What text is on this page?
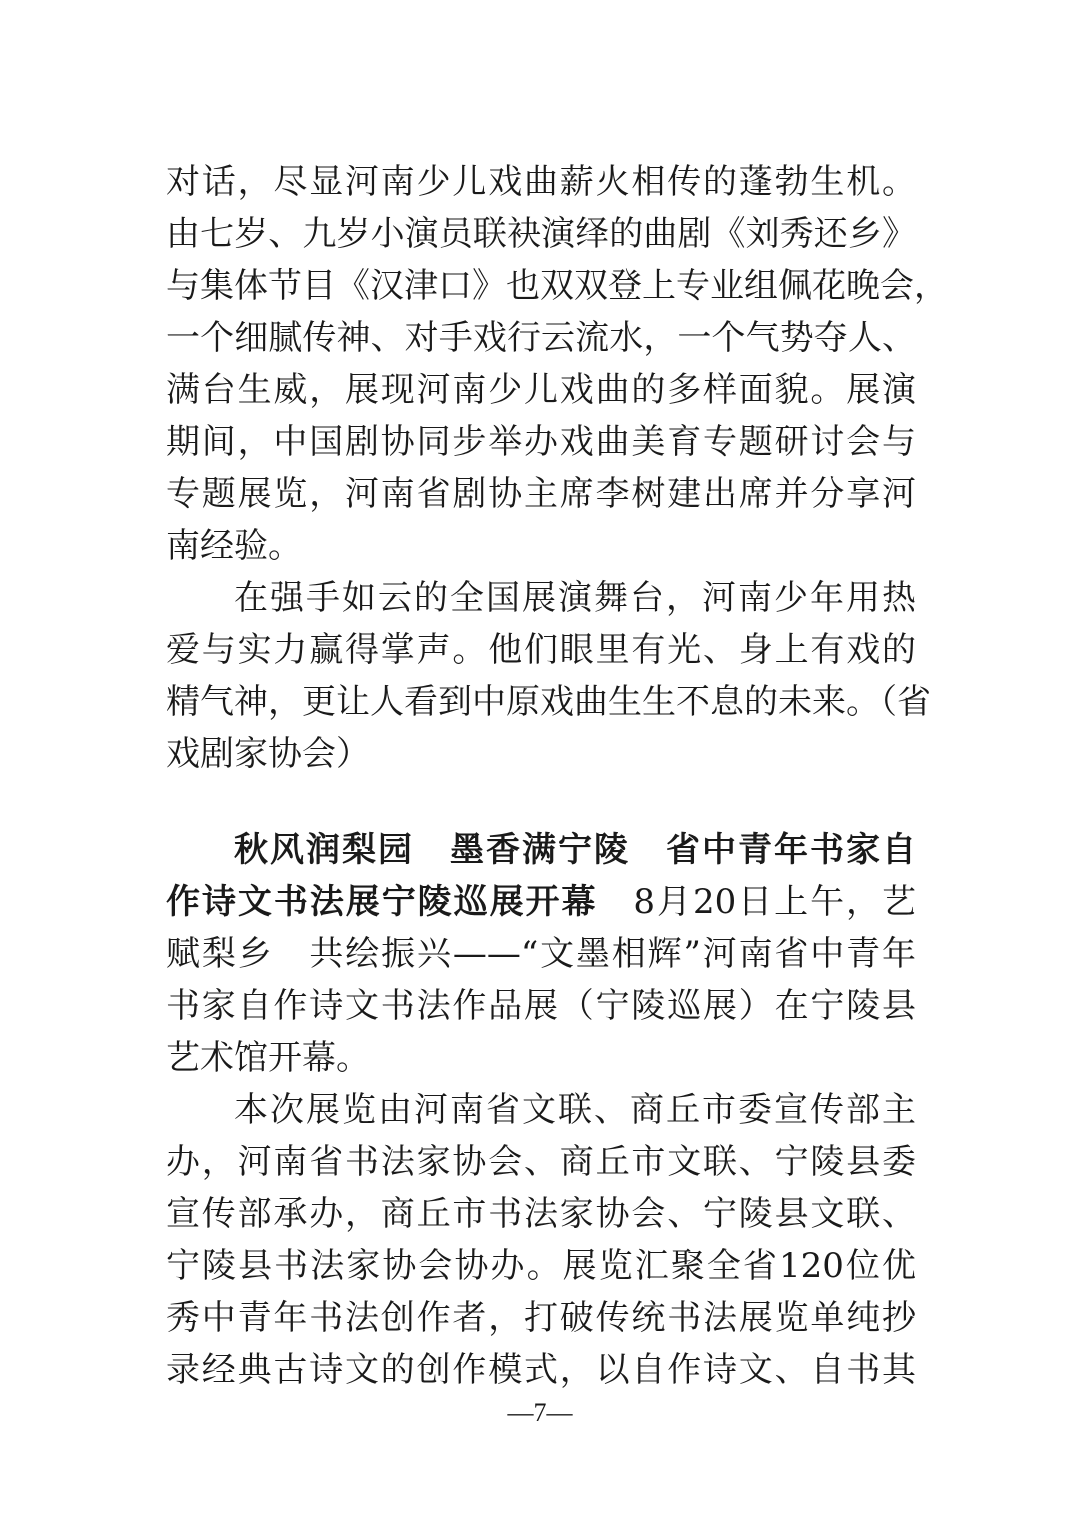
对话，尽显河南少儿戏曲薪火相传的蓬勃生机。
由七岁、九岁小演员联袂演绎的曲剧《刘秀还乡》
与集体节目《汉津口》也双双登上专业组佩花晚会，
一个细腻传神、对手戏行云流水，一个气势夺人、
满台生威，展现河南少儿戏曲的多样面貌。展演
期间，中国剧协同步举办戏曲美育专题研讨会与
专题展览，河南省剧协主席李树建出席并分享河
南经验。
在强手如云的全国展演舞台，河南少年用热
爱与实力赢得掌声。他们眼里有光、身上有戏的
精气神，更让人看到中原戏曲生生不息的未来。（省
戏剧家协会）
秋风润梨园　墨香满宁陵　省中青年书家自
作诗文书法展宁陵巡展开幕　8月20日上午，艺
赋梨乡　共绘振兴——“文墨相辉”河南省中青年
书家自作诗文书法作品展（宁陵巡展）在宁陵县
艺术馆开幕。
本次展览由河南省文联、商丘市委宣传部主
办，河南省书法家协会、商丘市文联、宁陵县委
宣传部承办，商丘市书法家协会、宁陵县文联、
宁陵县书法家协会协办。展览汇聚全省120位优
秀中青年书法创作者，打破传统书法展览单纯抄
录经典古诗文的创作模式，以自作诗文、自书其
—7—
